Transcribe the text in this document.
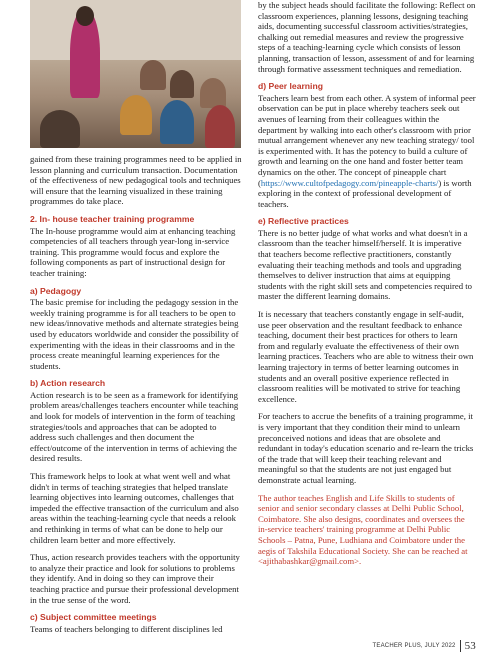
gained from these training programmes need to be applied in lesson planning and curriculum transaction. Documentation of the effectiveness of new pedagogical tools and techniques will ensure that the learning visualized in these training programmes do take place.

2. In- house teacher training programme

The In-house programme would aim at enhancing teaching competencies of all teachers through year-long in-service training. This programme would focus and explore the following components as part of instructional design for teacher training:

a) Pedagogy

The basic premise for including the pedagogy session in the weekly training programme is for all teachers to be open to new ideas/innovative methods and alternate strategies being used by educators worldwide and consider the possibility of experimenting with the ideas in their classrooms and in the process create meaningful learning experiences for the students.

b) Action research

Action research is to be seen as a framework for identifying problem areas/challenges teachers encounter while teaching and look for models of intervention in the form of teaching strategies/tools and approaches that can be adopted to address such challenges and then document the effect/outcome of the intervention in terms of achieving the desired results.

This framework helps to look at what went well and what didn't in terms of teaching strategies that helped translate learning objectives into learning outcomes, challenges that impeded the effective transaction of the curriculum and also areas within the teaching-learning cycle that needs a relook and rethinking in terms of what can be done to help our children learn better and more effectively.

Thus, action research provides teachers with the opportunity to analyze their practice and look for solutions to problems they identify. And in doing so they can improve their teaching practice and pursue their professional development in the true sense of the word.

c) Subject committee meetings

Teams of teachers belonging to different disciplines led

by the subject heads should facilitate the following: Reflect on classroom experiences, planning lessons, designing teaching aids, documenting successful classroom activities/strategies, chalking out remedial measures and review the progressive steps of a teaching-learning cycle which consists of lesson planning, transaction of lesson, assessment of and for learning through formative assessment techniques and remediation.

d) Peer learning

Teachers learn best from each other. A system of informal peer observation can be put in place whereby teachers seek out avenues of learning from their colleagues within the department by walking into each other's classroom with prior mutual arrangement whenever any new teaching strategy/ tool is experimented with. It has the potency to build a culture of growth and learning on the one hand and foster better team dynamics on the other. The concept of pineapple chart (https://www.cultofpedagogy.com/pineapple-charts/) is worth exploring in the context of professional development of teachers.

e) Reflective practices

There is no better judge of what works and what doesn't in a classroom than the teacher himself/herself. It is imperative that teachers become reflective practitioners, constantly evaluating their teaching methods and tools and upgrading themselves to deliver instruction that aims at equipping students with the right skill sets and competencies required to master the different learning domains.

It is necessary that teachers constantly engage in self-audit, use peer observation and the resultant feedback to enhance teaching, document their best practices for others to learn from and regularly evaluate the effectiveness of their own learning practices. Teachers who are able to witness their own learning trajectory in terms of better learning outcomes in students and an overall positive experience reflected in classroom realities will be motivated to strive for teaching excellence.

For teachers to accrue the benefits of a training programme, it is very important that they condition their mind to unlearn preconceived notions and ideas that are obsolete and redundant in today's education scenario and re-learn the tricks of the trade that will keep their teaching relevant and meaningful so that the students are not just engaged but demonstrate actual learning.

The author teaches English and Life Skills to students of senior and senior secondary classes at Delhi Public School, Coimbatore. She also designs, coordinates and oversees the in-service teachers' training programme at Delhi Public Schools – Patna, Pune, Ludhiana and Coimbatore under the aegis of Takshila Educational Society. She can be reached at <ajithabashkar@gmail.com>.

TEACHER PLUS, JULY 2022 53
